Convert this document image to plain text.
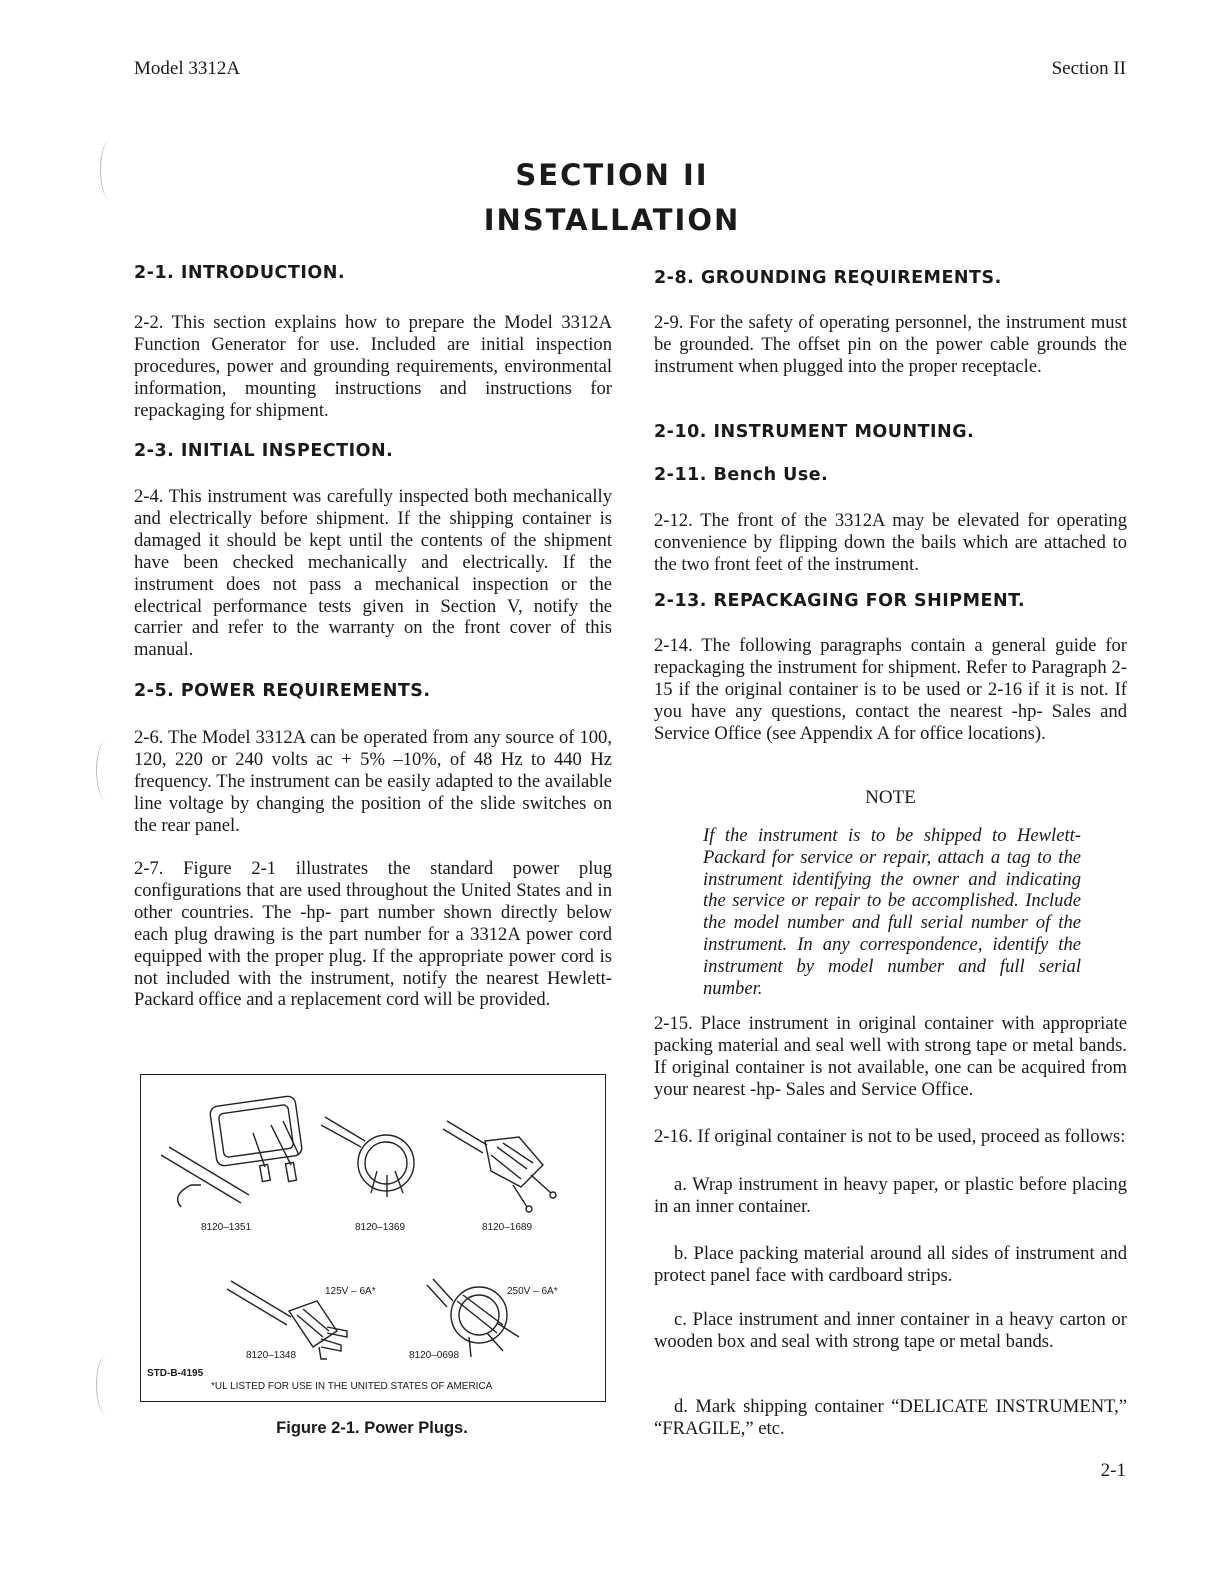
Model 3312A	Section II
SECTION II
INSTALLATION
2-1. INTRODUCTION.
2-2. This section explains how to prepare the Model 3312A Function Generator for use. Included are initial inspection procedures, power and grounding requirements, environmental information, mounting instructions and instructions for repackaging for shipment.
2-3. INITIAL INSPECTION.
2-4. This instrument was carefully inspected both mechanically and electrically before shipment. If the shipping container is damaged it should be kept until the contents of the shipment have been checked mechanically and electrically. If the instrument does not pass a mechanical inspection or the electrical performance tests given in Section V, notify the carrier and refer to the warranty on the front cover of this manual.
2-5. POWER REQUIREMENTS.
2-6. The Model 3312A can be operated from any source of 100, 120, 220 or 240 volts ac + 5% –10%, of 48 Hz to 440 Hz frequency. The instrument can be easily adapted to the available line voltage by changing the position of the slide switches on the rear panel.
2-7. Figure 2-1 illustrates the standard power plug configurations that are used throughout the United States and in other countries. The -hp- part number shown directly below each plug drawing is the part number for a 3312A power cord equipped with the proper plug. If the appropriate power cord is not included with the instrument, notify the nearest Hewlett-Packard office and a replacement cord will be provided.
8120–1351	8120–1369	8120–1689
125V – 6A*	250V – 6A*
8120–1348	8120–0698
STD-B-4195
*UL LISTED FOR USE IN THE UNITED STATES OF AMERICA
Figure 2-1. Power Plugs.
2-8. GROUNDING REQUIREMENTS.
2-9. For the safety of operating personnel, the instrument must be grounded. The offset pin on the power cable grounds the instrument when plugged into the proper receptacle.
2-10. INSTRUMENT MOUNTING.
2-11. Bench Use.
2-12. The front of the 3312A may be elevated for operating convenience by flipping down the bails which are attached to the two front feet of the instrument.
2-13. REPACKAGING FOR SHIPMENT.
2-14. The following paragraphs contain a general guide for repackaging the instrument for shipment. Refer to Paragraph 2-15 if the original container is to be used or 2-16 if it is not. If you have any questions, contact the nearest -hp- Sales and Service Office (see Appendix A for office locations).
NOTE
If the instrument is to be shipped to Hewlett-Packard for service or repair, attach a tag to the instrument identifying the owner and indicating the service or repair to be accomplished. Include the model number and full serial number of the instrument. In any correspondence, identify the instrument by model number and full serial number.
2-15. Place instrument in original container with appropriate packing material and seal well with strong tape or metal bands. If original container is not available, one can be acquired from your nearest -hp- Sales and Service Office.
2-16. If original container is not to be used, proceed as follows:
a. Wrap instrument in heavy paper, or plastic before placing in an inner container.
b. Place packing material around all sides of instrument and protect panel face with cardboard strips.
c. Place instrument and inner container in a heavy carton or wooden box and seal with strong tape or metal bands.
d. Mark shipping container “DELICATE INSTRUMENT,” “FRAGILE,” etc.
2-1
